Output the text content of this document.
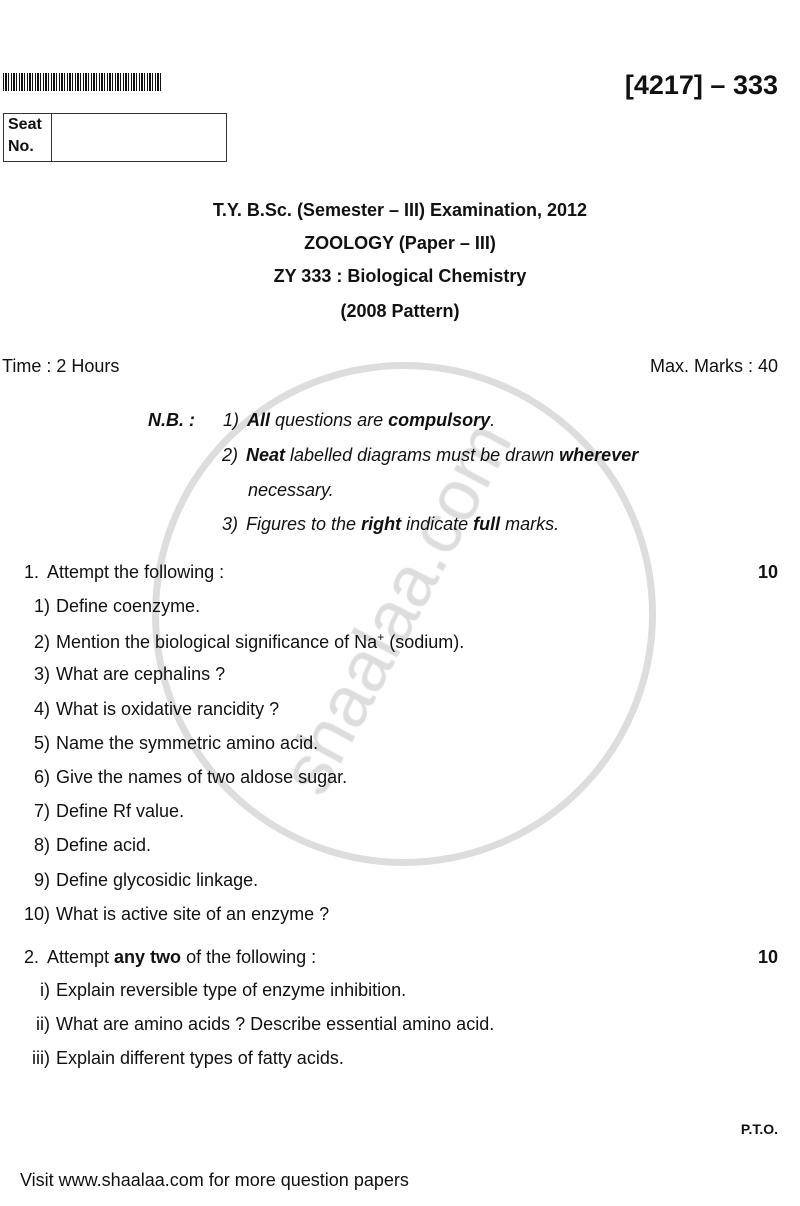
[4217] – 333
Seat
No.
T.Y. B.Sc. (Semester – III) Examination, 2012
ZOOLOGY (Paper – III)
ZY 333 : Biological Chemistry
(2008 Pattern)
Time : 2 Hours	Max. Marks : 40
N.B. : 1) All questions are compulsory.
2) Neat labelled diagrams must be drawn wherever
necessary.
3) Figures to the right indicate full marks.
1. Attempt the following :	10
1) Define coenzyme.
2) Mention the biological significance of Na+ (sodium).
3) What are cephalins ?
4) What is oxidative rancidity ?
5) Name the symmetric amino acid.
6) Give the names of two aldose sugar.
7) Define Rf value.
8) Define acid.
9) Define glycosidic linkage.
10) What is active site of an enzyme ?
2. Attempt any two of the following :	10
i) Explain reversible type of enzyme inhibition.
ii) What are amino acids ? Describe essential amino acid.
iii) Explain different types of fatty acids.
P.T.O.
Visit www.shaalaa.com for more question papers
